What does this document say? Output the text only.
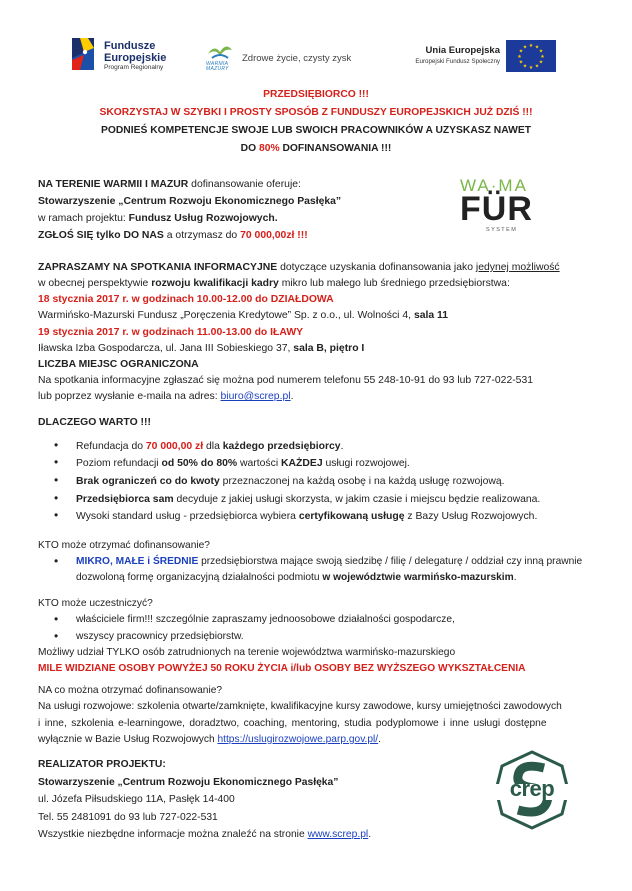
Fundusze
Europejskie
Program Regionalny
WARMIA MAZURY
Zdrowe życie, czysty zysk
Unia Europejska
Europejski Fundusz Społeczny
★ ★
★
★
★
★
★
★
★
★
★
★
PRZEDSIĘBIORCO !!!
SKORZYSTAJ W SZYBKI I PROSTY SPOSÓB Z FUNDUSZY EUROPEJSKICH JUŻ DZIŚ !!!
PODNIEŚ KOMPETENCJE SWOJE LUB SWOICH PRACOWNIKÓW A UZYSKASZ NAWET
DO 80% DOFINANSOWANIA !!!
NA TERENIE WARMII I MAZUR dofinansowanie oferuje:
Stowarzyszenie „Centrum Rozwoju Ekonomicznego Pasłęka”
w ramach projektu: Fundusz Usług Rozwojowych.
ZGŁOŚ SIĘ tylko DO NAS a otrzymasz do 70 000,00zł !!!
WA·MA
FÜR
S Y S T E M
ZAPRASZAMY NA SPOTKANIA INFORMACYJNE dotyczące uzyskania dofinansowania jako jedynej możliwość
w obecnej perspektywie rozwoju kwalifikacji kadry mikro lub małego lub średniego przedsiębiorstwa:
18 stycznia 2017 r. w godzinach 10.00-12.00 do DZIAŁDOWA
Warmińsko-Mazurski Fundusz „Poręczenia Kredytowe” Sp. z o.o., ul. Wolności 4, sala 11
19 stycznia 2017 r. w godzinach 11.00-13.00 do IŁAWY
Iławska Izba Gospodarcza, ul. Jana III Sobieskiego 37, sala B, piętro I
LICZBA MIEJSC OGRANICZONA
Na spotkania informacyjne zgłaszać się można pod numerem telefonu 55 248-10-91 do 93 lub 727-022-531
lub poprzez wysłanie e-maila na adres: biuro@screp.pl.
DLACZEGO WARTO !!!
• Refundacja do 70 000,00 zł dla każdego przedsiębiorcy.
• Poziom refundacji od 50% do 80% wartości KAŻDEJ usługi rozwojowej.
• Brak ograniczeń co do kwoty przeznaczonej na każdą osobę i na każdą usługę rozwojową.
• Przedsiębiorca sam decyduje z jakiej usługi skorzysta, w jakim czasie i miejscu będzie realizowana.
• Wysoki standard usług - przedsiębiorca wybiera certyfikowaną usługę z Bazy Usług Rozwojowych.
KTO może otrzymać dofinansowanie?
• MIKRO, MAŁE i ŚREDNIE przedsiębiorstwa mające swoją siedzibę / filię / delegaturę / oddział czy inną prawnie
dozwoloną formę organizacyjną działalności podmiotu w województwie warmińsko-mazurskim.
KTO może uczestniczyć?
• właściciele firm!!! szczególnie zapraszamy jednoosobowe działalności gospodarcze,
• wszyscy pracownicy przedsiębiorstw.
Możliwy udział TYLKO osób zatrudnionych na terenie województwa warmińsko-mazurskiego
MILE WIDZIANE OSOBY POWYŻEJ 50 ROKU ŻYCIA i/lub OSOBY BEZ WYŻSZEGO WYKSZTAŁCENIA
NA co można otrzymać dofinansowanie?
Na usługi rozwojowe: szkolenia otwarte/zamknięte, kwalifikacyjne kursy zawodowe, kursy umiejętności zawodowych
i inne, szkolenia e-learningowe, doradztwo, coaching, mentoring, studia podyplomowe i inne usługi dostępne
wyłącznie w Bazie Usług Rozwojowych https://uslugirozwojowe.parp.gov.pl/.
REALIZATOR PROJEKTU:
Stowarzyszenie „Centrum Rozwoju Ekonomicznego Pasłęka”
ul. Józefa Piłsudskiego 11A, Pasłęk 14-400
Tel. 55 2481091 do 93 lub 727-022-531
Wszystkie niezbędne informacje można znaleźć na stronie www.screp.pl.
crep
